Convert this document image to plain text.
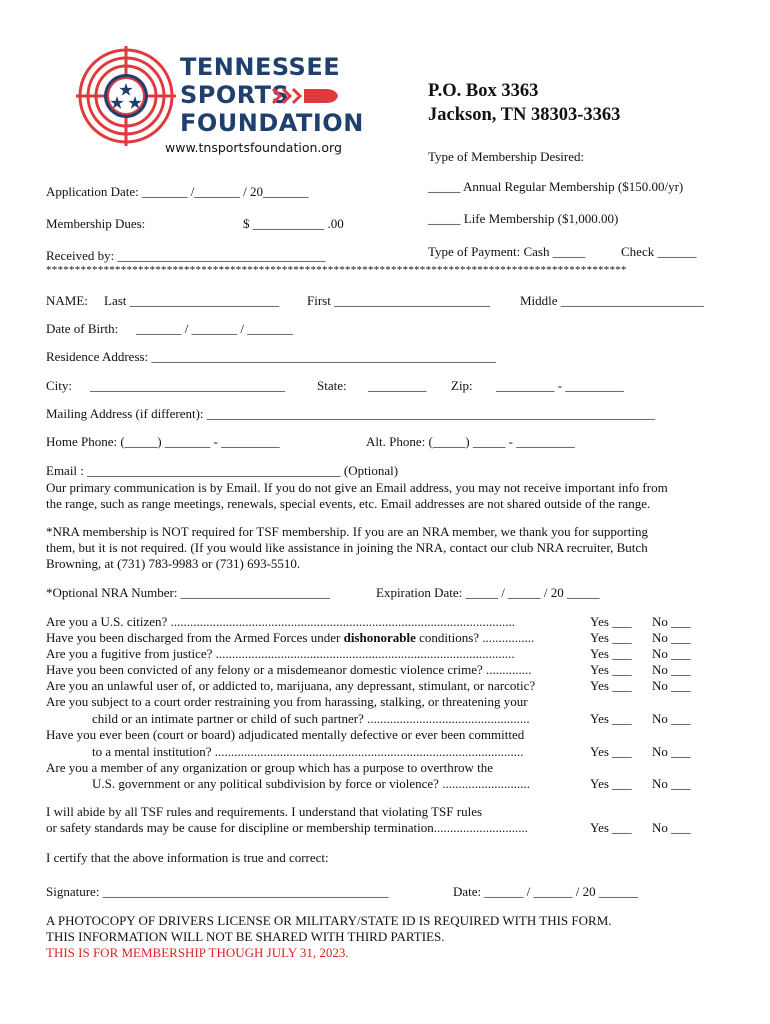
TENNESSEE
SPORTS
FOUNDATION
www.tnsportsfoundation.org
P.O. Box 3363
Jackson, TN 38303-3363
Type of Membership Desired:
Application Date: _______ /_______ / 20_______	_____ Annual Regular Membership ($150.00/yr)
Membership Dues:	$ ___________ .00	_____ Life Membership ($1,000.00)
Received by: ________________________________	Type of Payment: Cash _____	Check ______
*****************************************************************************************************
NAME: Last _______________________ First ________________________ Middle ______________________
Date of Birth: _______ / _______ / _______
Residence Address: _____________________________________________________
City: ______________________________ State: _________ Zip: _________ - _________
Mailing Address (if different): _____________________________________________________________________
Home Phone: (_____) _______ - _________	Alt. Phone: (_____) _____ - _________
Email : _______________________________________ (Optional)
Our primary communication is by Email. If you do not give an Email address, you may not receive important info from
the range, such as range meetings, renewals, special events, etc. Email addresses are not shared outside of the range.
*NRA membership is NOT required for TSF membership. If you are an NRA member, we thank you for supporting
them, but it is not required. (If you would like assistance in joining the NRA, contact our club NRA recruiter, Butch
Browning, at (731) 783-9983 or (731) 693-5510.
*Optional NRA Number: _______________________	Expiration Date: _____ / _____ / 20 _____
Are you a U.S. citizen? ..........................................................................................................	Yes ___ No ___
Have you been discharged from the Armed Forces under dishonorable conditions? ................	Yes ___ No ___
Are you a fugitive from justice? ............................................................................................	Yes ___ No ___
Have you been convicted of any felony or a misdemeanor domestic violence crime? ..............	Yes ___ No ___
Are you an unlawful user of, or addicted to, marijuana, any depressant, stimulant, or narcotic?	Yes ___ No ___
Are you subject to a court order restraining you from harassing, stalking, or threatening your
child or an intimate partner or child of such partner? ..................................................	Yes ___ No ___
Have you ever been (court or board) adjudicated mentally defective or ever been committed
to a mental institution? ...............................................................................................	Yes ___ No ___
Are you a member of any organization or group which has a purpose to overthrow the
U.S. government or any political subdivision by force or violence? ...........................	Yes ___ No ___
I will abide by all TSF rules and requirements. I understand that violating TSF rules
or safety standards may be cause for discipline or membership termination.............................	Yes ___ No ___
I certify that the above information is true and correct:
Signature: ____________________________________________	Date: ______ / ______ / 20 ______
A PHOTOCOPY OF DRIVERS LICENSE OR MILITARY/STATE ID IS REQUIRED WITH THIS FORM.
THIS INFORMATION WILL NOT BE SHARED WITH THIRD PARTIES.
THIS IS FOR MEMBERSHIP THOUGH JULY 31, 2023.
